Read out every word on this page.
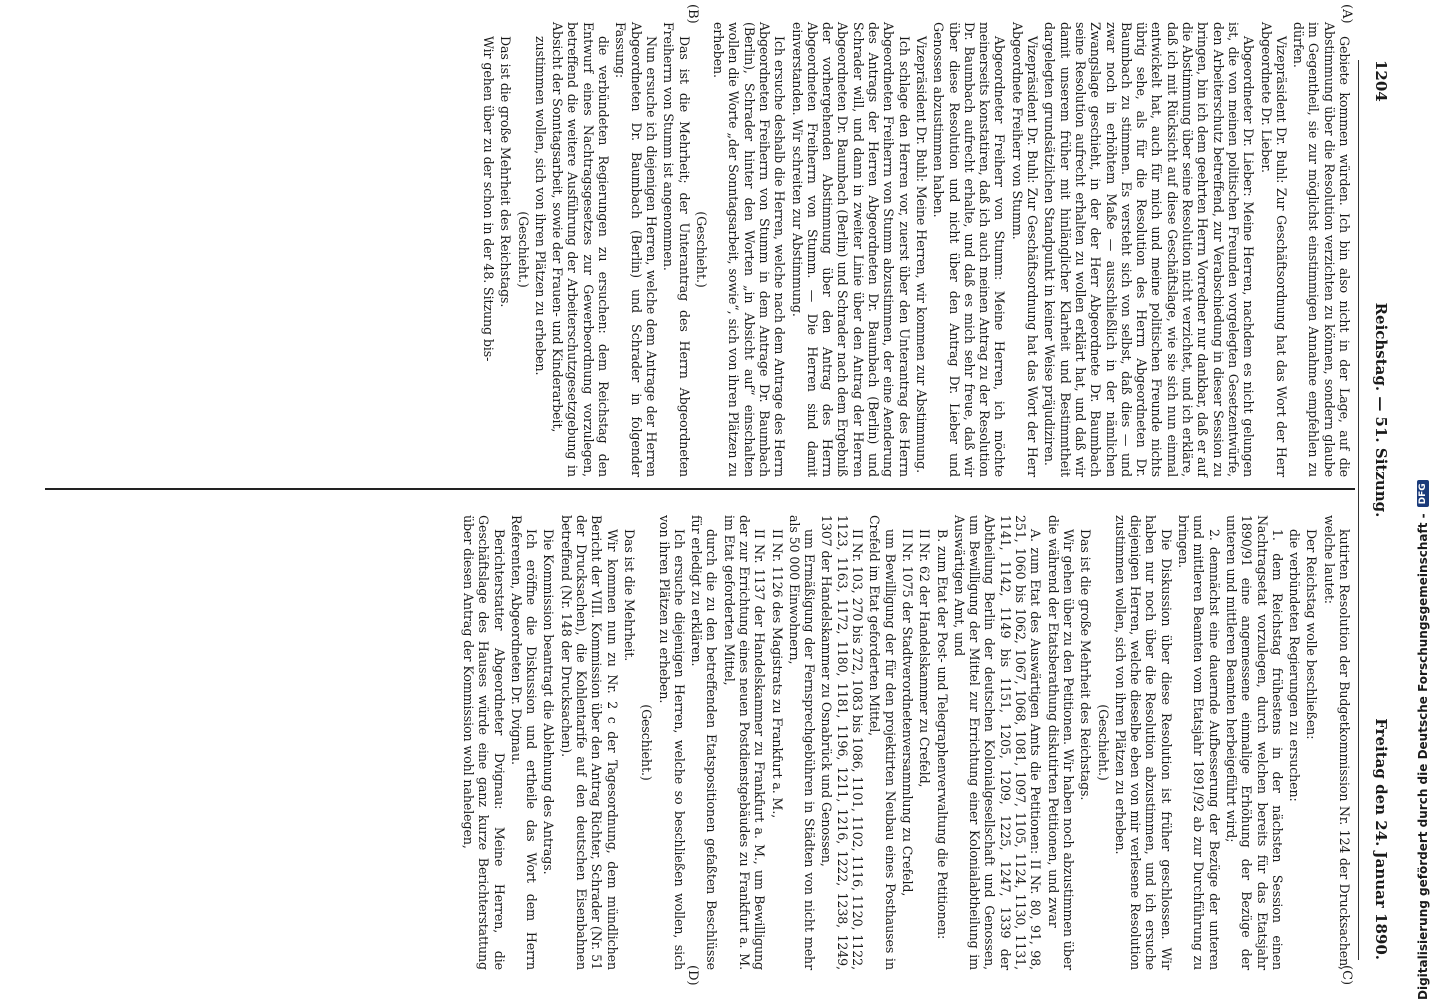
1204
Reichstag. — 51. Sitzung.
Freitag den 24. Januar 1890.
(A)
(B)
(C)
(D)

Gebiete kommen würden. Ich bin also nicht in der Lage, auf die Abstimmung über die Resolution verzichten zu können, sondern glaube im Gegentheil, sie zur möglichst einstimmigen Annahme empfehlen zu dürfen.

Vizepräsident Dr. Buhl: Zur Geschäftsordnung hat das Wort der Herr Abgeordnete Dr. Lieber.

Abgeordneter Dr. Lieber: Meine Herren, nachdem es nicht gelungen ist, die von meinen politischen Freunden vorgelegten Gesetzentwürfe, den Arbeiterschutz betreffend, zur Verabschiedung in dieser Session zu bringen, bin ich dem geehrten Herrn Vorredner nur dankbar, daß er auf die Abstimmung über seine Resolution nicht verzichtet, und ich erkläre, daß ich mit Rücksicht auf diese Geschäftslage, wie sie sich nun einmal entwickelt hat, auch für mich und meine politischen Freunde nichts übrig sehe, als für die Resolution des Herrn Abgeordneten Dr. Baumbach zu stimmen. Es versteht sich von selbst, daß dies — und zwar noch in erhöhtem Maße — ausschließlich in der nämlichen Zwangslage geschieht, in der der Herr Abgeordnete Dr. Baumbach seine Resolution aufrecht erhalten zu wollen erklärt hat, und daß wir damit unserem früher mit hinlänglicher Klarheit und Bestimmtheit dargelegten grundsätzlichen Standpunkt in keiner Weise präjudiziren.

Vizepräsident Dr. Buhl: Zur Geschäftsordnung hat das Wort der Herr Abgeordnete Freiherr von Stumm.

Abgeordneter Freiherr von Stumm: Meine Herren, ich möchte meinerseits konstatiren, daß ich auch meinen Antrag zu der Resolution Dr. Baumbach aufrecht erhalte, und daß es mich sehr freue, daß wir über diese Resolution und nicht über den Antrag Dr. Lieber und Genossen abzustimmen haben.

Vizepräsident Dr. Buhl: Meine Herren, wir kommen zur Abstimmung.

Ich schlage den Herren vor, zuerst über den Unterantrag des Herrn Abgeordneten Freiherrn von Stumm abzustimmen, der eine Aenderung des Antrags der Herren Abgeordneten Dr. Baumbach (Berlin) und Schrader will, und dann in zweiter Linie über den Antrag der Herren Abgeordneten Dr. Baumbach (Berlin) und Schrader nach dem Ergebniß der vorhergehenden Abstimmung über den Antrag des Herrn Abgeordneten Freiherrn von Stumm. — Die Herren sind damit einverstanden. Wir schreiten zur Abstimmung.

Ich ersuche deshalb die Herren, welche nach dem Antrage des Herrn Abgeordneten Freiherrn von Stumm in dem Antrage Dr. Baumbach (Berlin), Schrader hinter den Worten „in Absicht auf“ einschalten wollen die Worte „der Sonntagsarbeit, sowie“, sich von ihren Plätzen zu erheben.

(Geschieht.)

Das ist die Mehrheit; der Unterantrag des Herrn Abgeordneten Freiherrn von Stumm ist angenommen.

Nun ersuche ich diejenigen Herren, welche dem Antrage der Herren Abgeordneten Dr. Baumbach (Berlin) und Schrader in folgender Fassung:

die verbündeten Regierungen zu ersuchen: dem Reichstag den Entwurf eines Nachtragsgesetzes zur Gewerbeordnung vorzulegen, betreffend die weitere Ausführung der Arbeiterschutzgesetzgebung in Absicht der Sonntagsarbeit, sowie der Frauen- und Kinderarbeit,

zustimmen wollen, sich von ihren Plätzen zu erheben.

(Geschieht.)

Das ist die große Mehrheit des Reichstags.

Wir gehen über zu der schon in der 48. Sitzung bis-

kutirten Resolution der Budgetkommission Nr. 124 der Drucksachen, welche lautet:

Der Reichstag wolle beschließen:

die verbündeten Regierungen zu ersuchen:

1. dem Reichstag frühestens in der nächsten Session einen Nachtragsetat vorzulegen, durch welchen bereits für das Etatsjahr 1890/91 eine angemessene einmalige Erhöhung der Bezüge der unteren und mittleren Beamten herbeigeführt wird;

2. demnächst eine dauernde Aufbesserung der Bezüge der unteren und mittleren Beamten vom Etatsjahr 1891/92 ab zur Durchführung zu bringen.

Die Diskussion über diese Resolution ist früher geschlossen. Wir haben nur noch über die Resolution abzustimmen, und ich ersuche diejenigen Herren, welche dieselbe eben von mir verlesene Resolution zustimmen wollen, sich von ihren Plätzen zu erheben.

(Geschieht.)

Das ist die große Mehrheit des Reichstags.

Wir gehen über zu den Petitionen. Wir haben noch abzustimmen über die während der Etatsberathung diskutirten Petitionen, und zwar

A. zum Etat des Auswärtigen Amts die Petitionen: II Nr. 80, 91, 98, 251, 1060 bis 1062, 1067, 1068, 1081, 1097, 1105, 1124, 1130, 1131, 1141, 1142, 1149 bis 1151, 1205, 1209, 1225, 1247, 1339 der Abtheilung Berlin der deutschen Kolonialgesellschaft und Genossen, um Bewilligung der Mittel zur Errichtung einer Kolonialabtheilung im Auswärtigen Amt, und

B. zum Etat der Post- und Telegraphenverwaltung die Petitionen:

II Nr. 62 der Handelskammer zu Crefeld,

II Nr. 1075 der Stadtverordnetenversammlung zu Crefeld,

um Bewilligung der für den projektirten Neubau eines Posthauses in Crefeld im Etat geforderten Mittel,

II Nr. 103, 270 bis 272, 1083 bis 1086, 1101, 1102, 1116, 1120, 1122, 1123, 1163, 1172, 1180, 1181, 1196, 1211, 1216, 1222, 1238, 1249, 1307 der Handelskammer zu Osnabrück und Genossen,

um Ermäßigung der Fernsprechgebühren in Städten von nicht mehr als 50 000 Einwohnern,

II Nr. 1126 des Magistrats zu Frankfurt a. M.,

II Nr. 1137 der Handelskammer zu Frankfurt a. M., um Bewilligung der zur Errichtung eines neuen Postdienstgebäudes zu Frankfurt a. M. im Etat geforderten Mittel,

durch die zu den betreffenden Etatspositionen gefaßten Beschlüsse für erledigt zu erklären.

Ich ersuche diejenigen Herren, welche so beschließen wollen, sich von ihren Plätzen zu erheben.

(Geschieht.)

Das ist die Mehrheit.

Wir kommen nun zu Nr. 2 c der Tagesordnung, dem mündlichen Bericht der VIII. Kommission über den Antrag Richter, Schrader (Nr. 51 der Drucksachen), die Kohlentarife auf den deutschen Eisenbahnen betreffend (Nr. 148 der Drucksachen).

Die Kommission beantragt die Ablehnung des Antrags.

Ich eröffne die Diskussion und ertheile das Wort dem Herrn Referenten, Abgeordneten Dr. Dvignau.

Berichterstatter Abgeordneter Dvignau: Meine Herren, die Geschäftslage des Hauses würde eine ganz kurze Berichterstattung über diesen Antrag der Kommission wohl nahelegen,	Digitalisierung gefördert durch die Deutsche Forschungsgemeinschaft -
DFG
